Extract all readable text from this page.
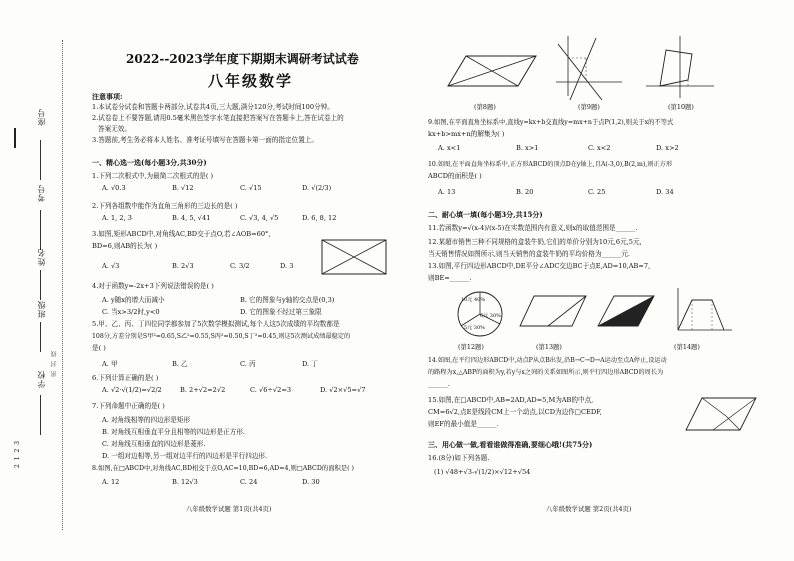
座号
考号
姓名
班级
学校
2 1 2 3
密 封 线
2022--2023学年度下期期末调研考试试卷
八年级数学
注意事项:
1.本试卷分试卷和答题卡两部分,试卷共4页,三大题,满分120分,考试时间100分钟。
2.试卷卷上不要答题,请用0.5毫米黑色签字水笔直接把答案写在答题卡上,答在试卷上的
答案无效。
3.答题前,考生务必将本人姓名、准考证号填写在答题卡第一面的指定位置上。
一、精心选一选(每小题3分,共30分)
1.下列二次根式中,为最简二次根式的是( )
A. √0.3	B. √12	C. √15	D. √(2/3)
2.下列各组数中能作为直角三角形的三边长的是( )
A. 1, 2, 3	B. 4, 5, √41	C. √3, 4, √5	D. 6, 8, 12
3.如图,矩形ABCD中,对角线AC,BD交于点O,若∠AOB=60°,
BD=6,则AB的长为( )
A. √3	B. 2√3	C. 3/2	D. 3
4.对于函数y=-2x+3下列说法错误的是( )
A. y随x的增大而减小	B. 它的图象与y轴的交点是(0,3)
C. 当x>3/2时,y<0	D. 它的图象不经过第三象限
5.甲、乙、丙、丁四位同学都参加了5次数学模拟测试,每个人这5次成绩的平均数都是
108分,方差分别是S甲²=0.65,S乙²=0.55,S丙²=0.50,S丁²=0.45,则这5次测试成绩最稳定的
是( )
A. 甲	B. 乙	C. 丙	D. 丁
6.下列计算正确的是( )
A. √2·√(1/2)=√2/2	B. 2+√2=2√2	C. √6÷√2=3	D. √2×√5=√7
7.下列命题中正确的是( )
A. 对角线相等的四边形是矩形
B. 对角线互相垂直平分且相等的四边形是正方形.
C. 对角线互相垂直的四边形是菱形.
D. 一组对边相等,另一组对边平行的四边形是平行四边形.
8.如图,在□ABCD中,对角线AC,BD相交于点O,AC=10,BD=6,AD=4,则□ABCD的面积是( )
A. 12	B. 12√3	C. 24	D. 30
八年级数学试题 第1页(共4页)
(第8题)	(第9题)	(第10题)
9.如图,在平面直角坐标系中,直线y=kx+b交直线y=mx+n于点P(1,2),则关于x的不等式
kx+b>mx+n的解集为( )
A. x<1	B. x>1	C. x<2	D. x>2
10.如图,在平面直角坐标系中,正方形ABCD的顶点D在y轴上,且A(-3,0),B(2,m),则正方形
ABCD的面积是( )
A. 13	B. 20	C. 25	D. 34
二、耐心填一填(每小题3分,共15分)
11.若函数y=√(x-4)/(x-5)在实数范围内有意义,则x的取值范围是______.
12.某超市销售三种不同规格的盒装牛奶,它们的单价分别为10元,6元,5元,
当天销售情况如图所示,则当天销售的盒装牛奶的平均价格为______元.
13.如图,平行四边形ABCD中,DE平分∠ADC交边BC于点E,AD=10,AB=7,
则BE=______.
10元 40%
6元 30%
5元 30%
(第12题)	(第13题)	(第14题)
14.如图,在平行四边形ABCD中,动点P从点B出发,沿B→C→D→A运动至点A停止,设运动
的路程为x,△ABP的面积为y,若y与x之间的关系如图所示,则平行四边形ABCD的周长为
______.
15.如图,在□ABCD中,AB=2AD,AD=5,M为AB的中点,
CM=6√2,点E是线段CM上一个动点,以CD为边作□CEDF,
则EF的最小值是______.
三、用心做一做,看看谁做得准确,要细心哦!(共75分)
16.(8分)如下列各题.
(1) √48+√3-√(1/2)×√12+√54
八年级数学试题 第2页(共4页)
